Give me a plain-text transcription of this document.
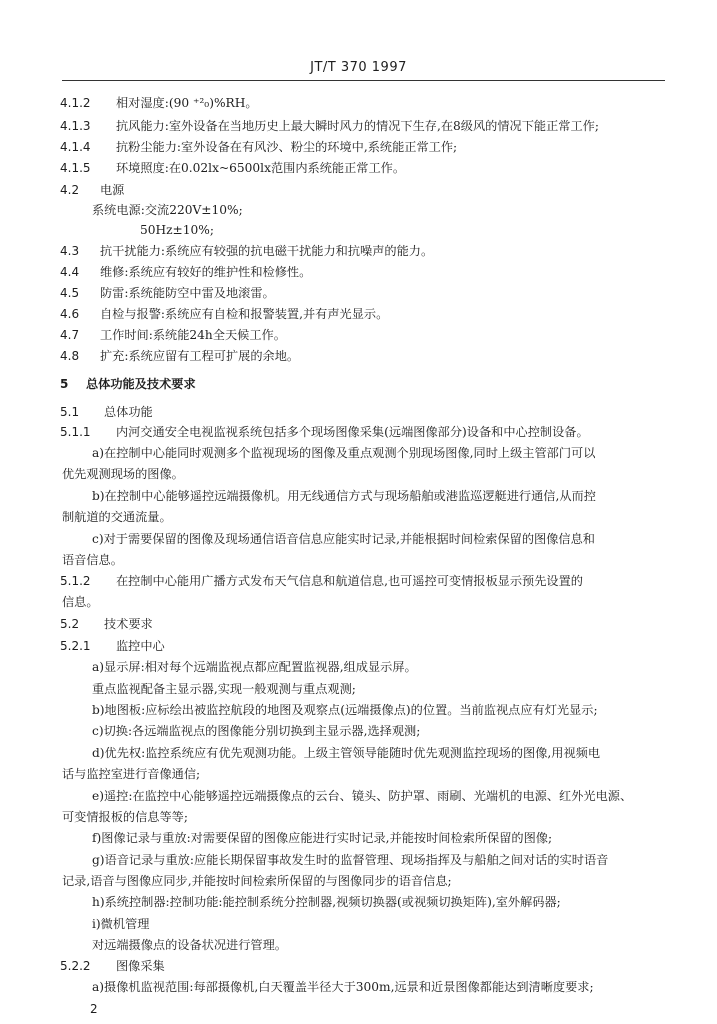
JT/T 370 1997
4.1.2 相对湿度:(90 ⁺²₀)%RH。
4.1.3 抗风能力:室外设备在当地历史上最大瞬时风力的情况下生存,在8级风的情况下能正常工作;
4.1.4 抗粉尘能力:室外设备在有风沙、粉尘的环境中,系统能正常工作;
4.1.5 环境照度:在0.02lx~6500lx范围内系统能正常工作。
4.2 电源
系统电源:交流220V±10%;
50Hz±10%;
4.3 抗干扰能力:系统应有较强的抗电磁干扰能力和抗噪声的能力。
4.4 维修:系统应有较好的维护性和检修性。
4.5 防雷:系统能防空中雷及地滚雷。
4.6 自检与报警:系统应有自检和报警装置,并有声光显示。
4.7 工作时间:系统能24h全天候工作。
4.8 扩充:系统应留有工程可扩展的余地。
5 总体功能及技术要求
5.1 总体功能
5.1.1 内河交通安全电视监视系统包括多个现场图像采集(远端图像部分)设备和中心控制设备。
a)在控制中心能同时观测多个监视现场的图像及重点观测个别现场图像,同时上级主管部门可以
优先观测现场的图像。
b)在控制中心能够遥控远端摄像机。用无线通信方式与现场船舶或港监巡逻艇进行通信,从而控
制航道的交通流量。
c)对于需要保留的图像及现场通信语音信息应能实时记录,并能根据时间检索保留的图像信息和
语音信息。
5.1.2 在控制中心能用广播方式发布天气信息和航道信息,也可遥控可变情报板显示预先设置的
信息。
5.2 技术要求
5.2.1 监控中心
a)显示屏:相对每个远端监视点都应配置监视器,组成显示屏。
重点监视配备主显示器,实现一般观测与重点观测;
b)地图板:应标绘出被监控航段的地图及观察点(远端摄像点)的位置。当前监视点应有灯光显示;
c)切换:各远端监视点的图像能分别切换到主显示器,选择观测;
d)优先权:监控系统应有优先观测功能。上级主管领导能随时优先观测监控现场的图像,用视频电
话与监控室进行音像通信;
e)遥控:在监控中心能够遥控远端摄像点的云台、镜头、防护罩、雨刷、光端机的电源、红外光电源、
可变情报板的信息等等;
f)图像记录与重放:对需要保留的图像应能进行实时记录,并能按时间检索所保留的图像;
g)语音记录与重放:应能长期保留事故发生时的监督管理、现场指挥及与船舶之间对话的实时语音
记录,语音与图像应同步,并能按时间检索所保留的与图像同步的语音信息;
h)系统控制器:控制功能:能控制系统分控制器,视频切换器(或视频切换矩阵),室外解码器;
i)微机管理
对远端摄像点的设备状况进行管理。
5.2.2 图像采集
a)摄像机监视范围:每部摄像机,白天覆盖半径大于300m,远景和近景图像都能达到清晰度要求;
2
